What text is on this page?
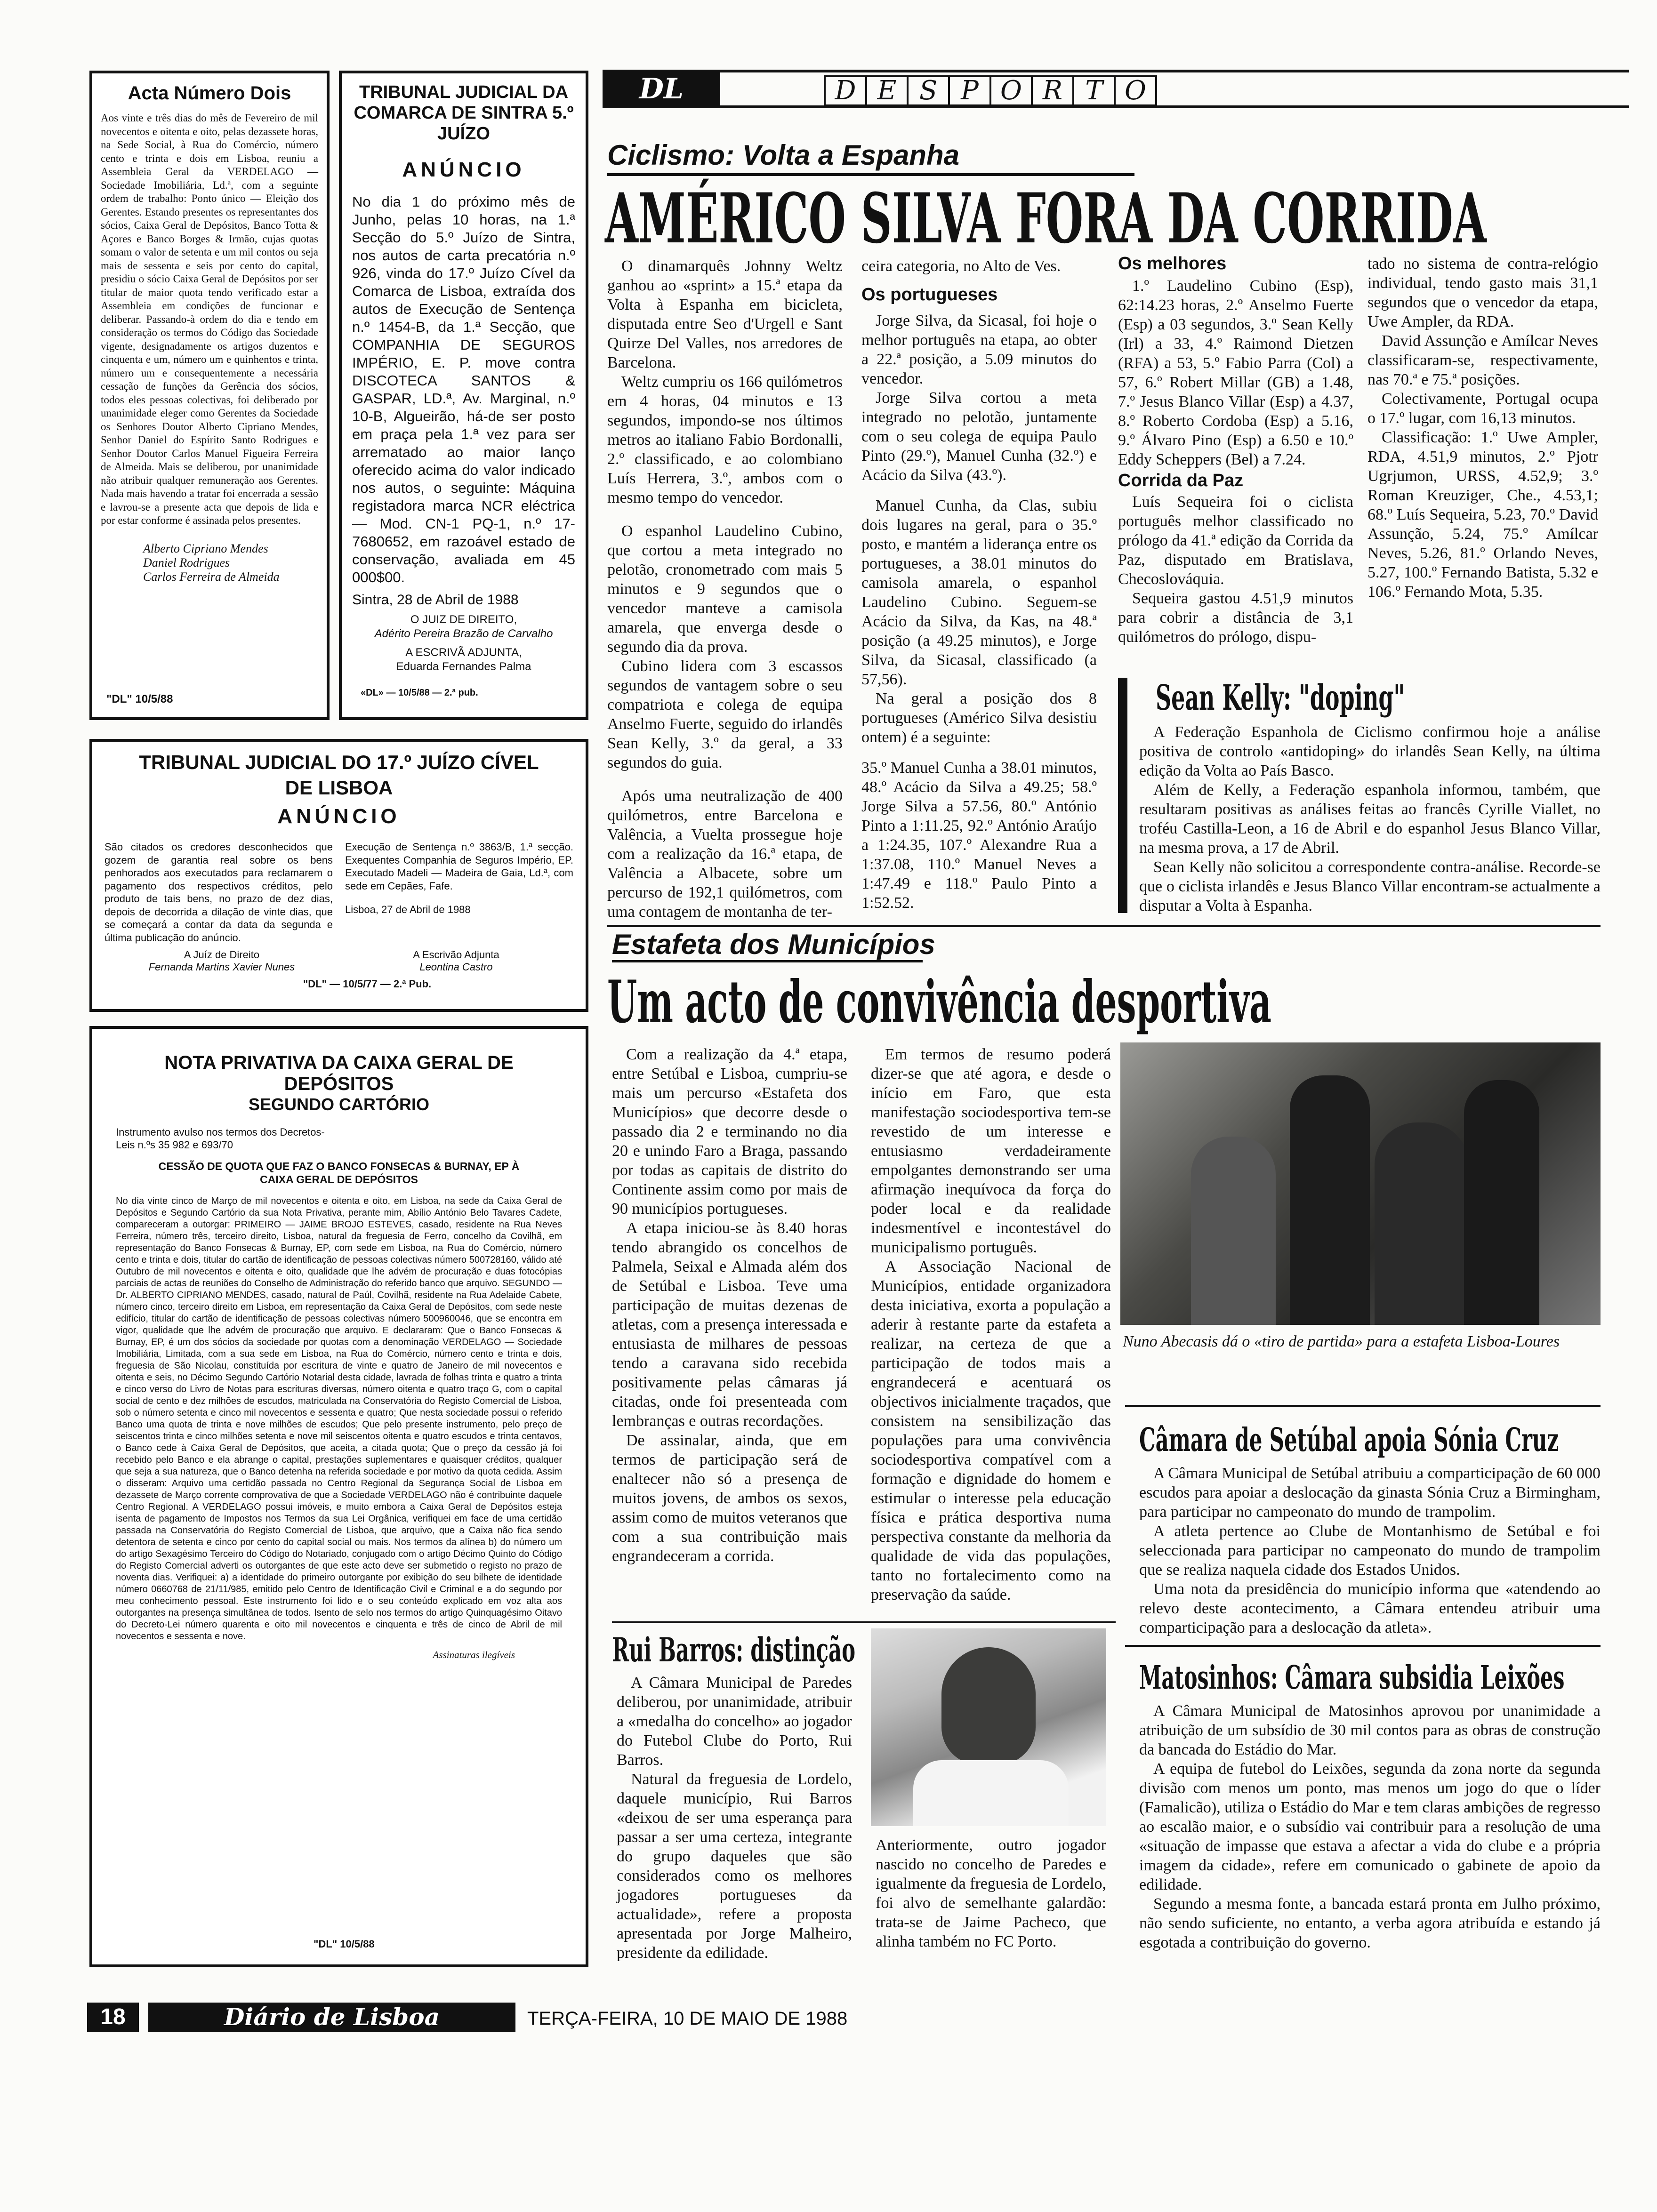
Acta Número Dois

Aos vinte e três dias do mês de Fevereiro de mil novecentos e oitenta e oito, pelas dezassete horas, na Sede Social, à Rua do Comércio, número cento e trinta e dois em Lisboa, reuniu a Assembleia Geral da VERDELAGO — Sociedade Imobiliária, Ld.ª, com a seguinte ordem de trabalho: Ponto único — Eleição dos Gerentes. Estando presentes os representantes dos sócios, Caixa Geral de Depósitos, Banco Totta & Açores e Banco Borges & Irmão, cujas quotas somam o valor de setenta e um mil contos ou seja mais de sessenta e seis por cento do capital, presidiu o sócio Caixa Geral de Depósitos por ser titular de maior quota tendo verificado estar a Assembleia em condições de funcionar e deliberar. Passando-à ordem do dia e tendo em consideração os termos do Código das Sociedade vigente, designadamente os artigos duzentos e cinquenta e um, número um e quinhentos e trinta, número um e consequentemente a necessária cessação de funções da Gerência dos sócios, todos eles pessoas colectivas, foi deliberado por unanimidade eleger como Gerentes da Sociedade os Senhores Doutor Alberto Cipriano Mendes, Senhor Daniel do Espírito Santo Rodrigues e Senhor Doutor Carlos Manuel Figueira Ferreira de Almeida. Mais se deliberou, por unanimidade não atribuir qualquer remuneração aos Gerentes. Nada mais havendo a tratar foi encerrada a sessão e lavrou-se a presente acta que depois de lida e por estar conforme é assinada pelos presentes.

Alberto Cipriano Mendes
Daniel Rodrigues
Carlos Ferreira de Almeida
"DL" 10/5/88
TRIBUNAL JUDICIAL DA COMARCA DE SINTRA 5.º JUÍZO
ANÚNCIO

No dia 1 do próximo mês de Junho, pelas 10 horas, na 1.ª Secção do 5.º Juízo de Sintra, nos autos de carta precatória n.º 926, vinda do 17.º Juízo Cível da Comarca de Lisboa, extraída dos autos de Execução de Sentença n.º 1454-B, da 1.ª Secção, que COMPANHIA DE SEGUROS IMPÉRIO, E. P. move contra DISCOTECA SANTOS & GASPAR, LD.ª, Av. Marginal, n.º 10-B, Algueirão, há-de ser posto em praça pela 1.ª vez para ser arrematado ao maior lanço oferecido acima do valor indicado nos autos, o seguinte: Máquina registadora marca NCR eléctrica — Mod. CN-1 PQ-1, n.º 17-7680652, em razoável estado de conservação, avaliada em 45 000$00.

Sintra, 28 de Abril de 1988
O JUIZ DE DIREITO,
Adérito Pereira Brazão de Carvalho
A ESCRIVÃ ADJUNTA,
Eduarda Fernandes Palma
«DL» — 10/5/88 — 2.ª pub.
TRIBUNAL JUDICIAL DO 17.º JUÍZO CÍVEL
DE LISBOA
ANÚNCIO

São citados os credores desconhecidos que gozem de garantia real sobre os bens penhorados aos executados para reclamarem o pagamento dos respectivos créditos, pelo produto de tais bens, no prazo de dez dias, depois de decorrida a dilação de vinte dias, que se começará a contar da data da segunda e última publicação do anúncio.

Execução de Sentença n.º 3863/B, 1.ª secção. Exequentes Companhia de Seguros Império, EP. Executado Madeli — Madeira de Gaia, Ld.ª, com sede em Cepães, Fafe.

Lisboa, 27 de Abril de 1988
A Juíz de Direito
Fernanda Martins Xavier Nunes
A Escrivão Adjunta
Leontina Castro
"DL" — 10/5/77 — 2.ª Pub.
NOTA PRIVATIVA DA CAIXA GERAL DE DEPÓSITOS
SEGUNDO CARTÓRIO
Instrumento avulso nos termos dos Decretos-Leis n.ºs 35 982 e 693/70
CESSÃO DE QUOTA QUE FAZ O BANCO FONSECAS & BURNAY, EP À CAIXA GERAL DE DEPÓSITOS

No dia vinte cinco de Março de mil novecentos e oitenta e oito, em Lisboa, na sede da Caixa Geral de Depósitos e Segundo Cartório da sua Nota Privativa, perante mim, Abílio António Belo Tavares Cadete, compareceram a outorgar: PRIMEIRO — JAIME BROJO ESTEVES, casado, residente na Rua Neves Ferreira, número três, terceiro direito, Lisboa, natural da freguesia de Ferro, concelho da Covilhã, em representação do Banco Fonsecas & Burnay, EP, com sede em Lisboa, na Rua do Comércio, número cento e trinta e dois, titular do cartão de identificação de pessoas colectivas número 500728160, válido até Outubro de mil novecentos e oitenta e oito, qualidade que lhe advém de procuração e duas fotocópias parciais de actas de reuniões do Conselho de Administração do referido banco que arquivo. SEGUNDO — Dr. ALBERTO CIPRIANO MENDES, casado, natural de Paúl, Covilhã, residente na Rua Adelaide Cabete, número cinco, terceiro direito em Lisboa, em representação da Caixa Geral de Depósitos, com sede neste edifício, titular do cartão de identificação de pessoas colectivas número 500960046, que se encontra em vigor, qualidade que lhe advém de procuração que arquivo. E declararam: Que o Banco Fonsecas & Burnay, EP, é um dos sócios da sociedade por quotas com a denominação VERDELAGO — Sociedade Imobiliária, Limitada, com a sua sede em Lisboa, na Rua do Comércio, número cento e trinta e dois, freguesia de São Nicolau, constituída por escritura de vinte e quatro de Janeiro de mil novecentos e oitenta e seis, no Décimo Segundo Cartório Notarial desta cidade, lavrada de folhas trinta e quatro a trinta e cinco verso do Livro de Notas para escrituras diversas, número oitenta e quatro traço G, com o capital social de cento e dez milhões de escudos, matriculada na Conservatória do Registo Comercial de Lisboa, sob o número setenta e cinco mil novecentos e sessenta e quatro; Que nesta sociedade possui o referido Banco uma quota de trinta e nove milhões de escudos; Que pelo presente instrumento, pelo preço de seiscentos trinta e cinco milhões setenta e nove mil seiscentos oitenta e quatro escudos e trinta centavos, o Banco cede à Caixa Geral de Depósitos, que aceita, a citada quota; Que o preço da cessão já foi recebido pelo Banco e ela abrange o capital, prestações suplementares e quaisquer créditos, qualquer que seja a sua natureza, que o Banco detenha na referida sociedade e por motivo da quota cedida. Assim o disseram: Arquivo uma certidão passada no Centro Regional da Segurança Social de Lisboa em dezassete de Março corrente comprovativa de que a Sociedade VERDELAGO não é contribuinte daquele Centro Regional. A VERDELAGO possui imóveis, e muito embora a Caixa Geral de Depósitos esteja isenta de pagamento de Impostos nos Termos da sua Lei Orgânica, verifiquei em face de uma certidão passada na Conservatória do Registo Comercial de Lisboa, que arquivo, que a Caixa não fica sendo detentora de setenta e cinco por cento do capital social ou mais. Nos termos da alínea b) do número um do artigo Sexagésimo Terceiro do Código do Notariado, conjugado com o artigo Décimo Quinto do Código do Registo Comercial adverti os outorgantes de que este acto deve ser submetido o registo no prazo de noventa dias. Verifiquei: a) a identidade do primeiro outorgante por exibição do seu bilhete de identidade número 0660768 de 21/11/985, emitido pelo Centro de Identificação Civil e Criminal e a do segundo por meu conhecimento pessoal. Este instrumento foi lido e o seu conteúdo explicado em voz alta aos outorgantes na presença simultânea de todos. Isento de selo nos termos do artigo Quinquagésimo Oitavo do Decreto-Lei número quarenta e oito mil novecentos e cinquenta e três de cinco de Abril de mil novecentos e sessenta e nove.

Assinaturas ilegíveis
"DL" 10/5/88
DL	D E S P O R T O
Ciclismo: Volta a Espanha
AMÉRICO SILVA FORA DA CORRIDA

O dinamarquês Johnny Weltz ganhou ao «sprint» a 15.ª etapa da Volta à Espanha em bicicleta, disputada entre Seo d'Urgell e Sant Quirze Del Valles, nos arredores de Barcelona.

Weltz cumpriu os 166 quilómetros em 4 horas, 04 minutos e 13 segundos, impondo-se nos últimos metros ao italiano Fabio Bordonalli, 2.º classificado, e ao colombiano Luís Herrera, 3.º, ambos com o mesmo tempo do vencedor.

O espanhol Laudelino Cubino, que cortou a meta integrado no pelotão, cronometrado com mais 5 minutos e 9 segundos que o vencedor manteve a camisola amarela, que enverga desde o segundo dia da prova.

Cubino lidera com 3 escassos segundos de vantagem sobre o seu compatriota e colega de equipa Anselmo Fuerte, seguido do irlandês Sean Kelly, 3.º da geral, a 33 segundos do guia.

Após uma neutralização de 400 quilómetros, entre Barcelona e Valência, a Vuelta prossegue hoje com a realização da 16.ª etapa, de Valência a Albacete, sobre um percurso de 192,1 quilómetros, com uma contagem de montanha de ter-

ceira categoria, no Alto de Ves.

Os portugueses

Jorge Silva, da Sicasal, foi hoje o melhor português na etapa, ao obter a 22.ª posição, a 5.09 minutos do vencedor.

Jorge Silva cortou a meta integrado no pelotão, juntamente com o seu colega de equipa Paulo Pinto (29.º), Manuel Cunha (32.º) e Acácio da Silva (43.º).

Manuel Cunha, da Clas, subiu dois lugares na geral, para o 35.º posto, e mantém a liderança entre os portugueses, a 38.01 minutos do camisola amarela, o espanhol Laudelino Cubino. Seguem-se Acácio da Silva, da Kas, na 48.ª posição (a 49.25 minutos), e Jorge Silva, da Sicasal, classificado (a 57,56).

Na geral a posição dos 8 portugueses (Américo Silva desistiu ontem) é a seguinte:

35.º Manuel Cunha a 38.01 minutos, 48.º Acácio da Silva a 49.25; 58.º Jorge Silva a 57.56, 80.º António Pinto a 1:11.25, 92.º António Araújo a 1:24.35, 107.º Alexandre Rua a 1:37.08, 110.º Manuel Neves a 1:47.49 e 118.º Paulo Pinto a 1:52.52.

Os melhores

1.º Laudelino Cubino (Esp), 62:14.23 horas, 2.º Anselmo Fuerte (Esp) a 03 segundos, 3.º Sean Kelly (Irl) a 33, 4.º Raimond Dietzen (RFA) a 53, 5.º Fabio Parra (Col) a 57, 6.º Robert Millar (GB) a 1.48, 7.º Jesus Blanco Villar (Esp) a 4.37, 8.º Roberto Cordoba (Esp) a 5.16, 9.º Álvaro Pino (Esp) a 6.50 e 10.º Eddy Scheppers (Bel) a 7.24.

Corrida da Paz

Luís Sequeira foi o ciclista português melhor classificado no prólogo da 41.ª edição da Corrida da Paz, disputado em Bratislava, Checoslováquia.

Sequeira gastou 4.51,9 minutos para cobrir a distância de 3,1 quilómetros do prólogo, dispu-

tado no sistema de contra-relógio individual, tendo gasto mais 31,1 segundos que o vencedor da etapa, Uwe Ampler, da RDA.

David Assunção e Amílcar Neves classificaram-se, respectivamente, nas 70.ª e 75.ª posições.

Colectivamente, Portugal ocupa o 17.º lugar, com 16,13 minutos.

Classificação: 1.º Uwe Ampler, RDA, 4.51,9 minutos, 2.º Pjotr Ugrjumon, URSS, 4.52,9; 3.º Roman Kreuziger, Che., 4.53,1; 68.º Luís Sequeira, 5.23, 70.º David Assunção, 5.24, 75.º Amílcar Neves, 5.26, 81.º Orlando Neves, 5.27, 100.º Fernando Batista, 5.32 e 106.º Fernando Mota, 5.35.

Sean Kelly: "doping"

A Federação Espanhola de Ciclismo confirmou hoje a análise positiva de controlo «antidoping» do irlandês Sean Kelly, na última edição da Volta ao País Basco.

Além de Kelly, a Federação espanhola informou, também, que resultaram positivas as análises feitas ao francês Cyrille Viallet, no troféu Castilla-Leon, a 16 de Abril e do espanhol Jesus Blanco Villar, na mesma prova, a 17 de Abril.

Sean Kelly não solicitou a correspondente contra-análise. Recorde-se que o ciclista irlandês e Jesus Blanco Villar encontram-se actualmente a disputar a Volta à Espanha.

Estafeta dos Municípios
Um acto de convivência desportiva

Com a realização da 4.ª etapa, entre Setúbal e Lisboa, cumpriu-se mais um percurso «Estafeta dos Municípios» que decorre desde o passado dia 2 e terminando no dia 20 e unindo Faro a Braga, passando por todas as capitais de distrito do Continente assim como por mais de 90 municípios portugueses.

A etapa iniciou-se às 8.40 horas tendo abrangido os concelhos de Palmela, Seixal e Almada além dos de Setúbal e Lisboa. Teve uma participação de muitas dezenas de atletas, com a presença interessada e entusiasta de milhares de pessoas tendo a caravana sido recebida positivamente pelas câmaras já citadas, onde foi presenteada com lembranças e outras recordações.

De assinalar, ainda, que em termos de participação será de enaltecer não só a presença de muitos jovens, de ambos os sexos, assim como de muitos veteranos que com a sua contribuição mais engrandeceram a corrida.

Em termos de resumo poderá dizer-se que até agora, e desde o início em Faro, que esta manifestação sociodesportiva tem-se revestido de um interesse e entusiasmo verdadeiramente empolgantes demonstrando ser uma afirmação inequívoca da força do poder local e da realidade indesmentível e incontestável do municipalismo português.

A Associação Nacional de Municípios, entidade organizadora desta iniciativa, exorta a população a aderir à restante parte da estafeta a realizar, na certeza de que a participação de todos mais a engrandecerá e acentuará os objectivos inicialmente traçados, que consistem na sensibilização das populações para uma convivência sociodesportiva compatível com a formação e dignidade do homem e estimular o interesse pela educação física e prática desportiva numa perspectiva constante da melhoria da qualidade de vida das populações, tanto no fortalecimento como na preservação da saúde.

Nuno Abecasis dá o «tiro de partida» para a estafeta Lisboa-Loures
Câmara de Setúbal apoia Sónia Cruz

A Câmara Municipal de Setúbal atribuiu a comparticipação de 60 000 escudos para apoiar a deslocação da ginasta Sónia Cruz a Birmingham, para participar no campeonato do mundo de trampolim.

A atleta pertence ao Clube de Montanhismo de Setúbal e foi seleccionada para participar no campeonato do mundo de trampolim que se realiza naquela cidade dos Estados Unidos.

Uma nota da presidência do município informa que «atendendo ao relevo deste acontecimento, a Câmara entendeu atribuir uma comparticipação para a deslocação da atleta».

Rui Barros: distinção

A Câmara Municipal de Paredes deliberou, por unanimidade, atribuir a «medalha do concelho» ao jogador do Futebol Clube do Porto, Rui Barros.

Natural da freguesia de Lordelo, daquele município, Rui Barros «deixou de ser uma esperança para passar a ser uma certeza, integrante do grupo daqueles que são considerados como os melhores jogadores portugueses da actualidade», refere a proposta apresentada por Jorge Malheiro, presidente da edilidade.

Anteriormente, outro jogador nascido no concelho de Paredes e igualmente da freguesia de Lordelo, foi alvo de semelhante galardão: trata-se de Jaime Pacheco, que alinha também no FC Porto.
Matosinhos: Câmara subsidia Leixões

A Câmara Municipal de Matosinhos aprovou por unanimidade a atribuição de um subsídio de 30 mil contos para as obras de construção da bancada do Estádio do Mar.

A equipa de futebol do Leixões, segunda da zona norte da segunda divisão com menos um ponto, mas menos um jogo do que o líder (Famalicão), utiliza o Estádio do Mar e tem claras ambições de regresso ao escalão maior, e o subsídio vai contribuir para a resolução de uma «situação de impasse que estava a afectar a vida do clube e a própria imagem da cidade», refere em comunicado o gabinete de apoio da edilidade.

Segundo a mesma fonte, a bancada estará pronta em Julho próximo, não sendo suficiente, no entanto, a verba agora atribuída e estando já esgotada a contribuição do governo.

18	Diário de Lisboa	TERÇA-FEIRA, 10 DE MAIO DE 1988
